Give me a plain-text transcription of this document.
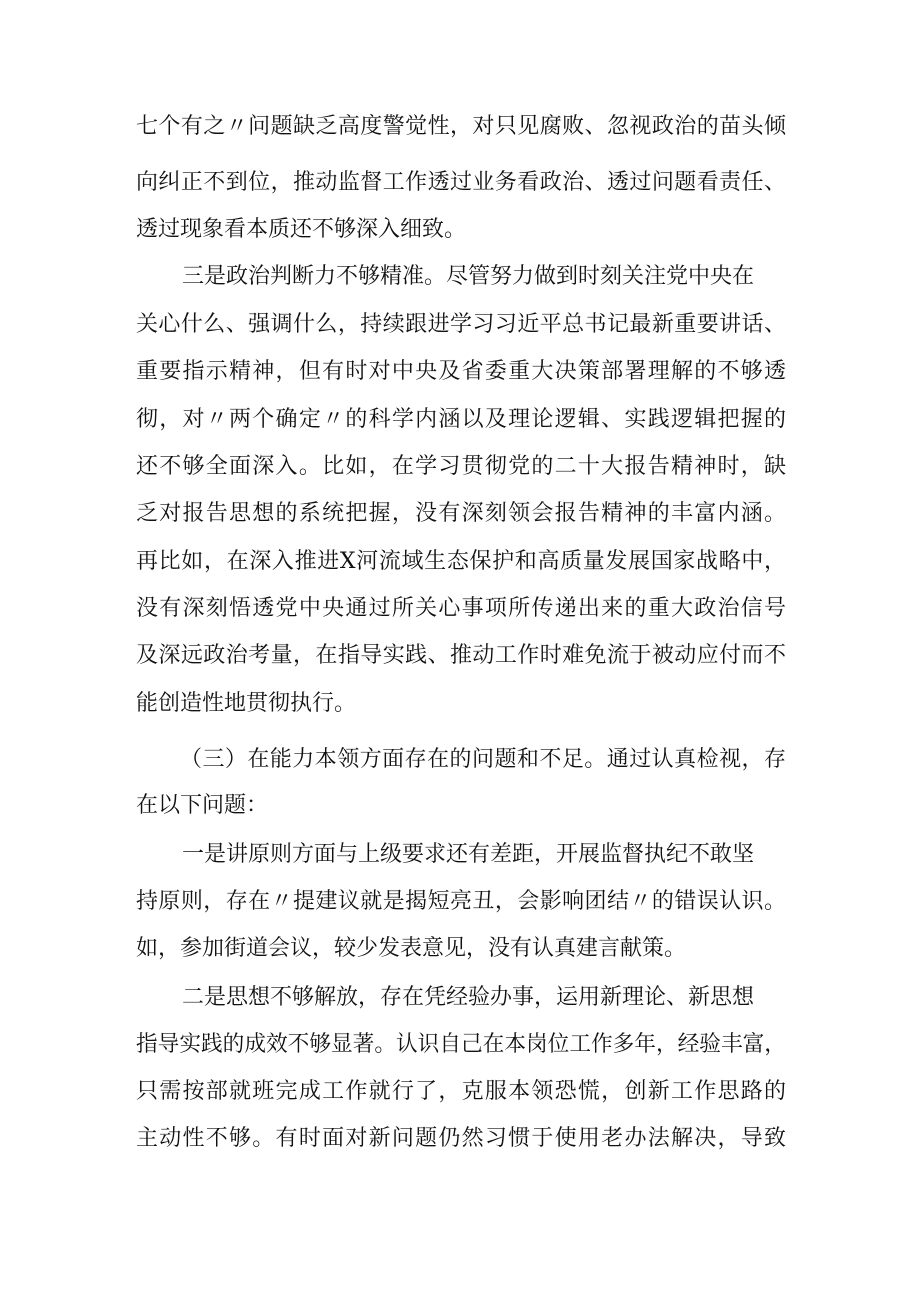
七个有之〃问题缺乏高度警觉性，对只见腐败、忽视政治的苗头倾
向纠正不到位，推动监督工作透过业务看政治、透过问题看责任、
透过现象看本质还不够深入细致。
三是政治判断力不够精准。尽管努力做到时刻关注党中央在
关心什么、强调什么，持续跟进学习习近平总书记最新重要讲话、
重要指示精神，但有时对中央及省委重大决策部署理解的不够透
彻，对〃两个确定〃的科学内涵以及理论逻辑、实践逻辑把握的
还不够全面深入。比如，在学习贯彻党的二十大报告精神时，缺
乏对报告思想的系统把握，没有深刻领会报告精神的丰富内涵。
再比如，在深入推进X河流域生态保护和高质量发展国家战略中，
没有深刻悟透党中央通过所关心事项所传递出来的重大政治信号
及深远政治考量，在指导实践、推动工作时难免流于被动应付而不
能创造性地贯彻执行。
（三）在能力本领方面存在的问题和不足。通过认真检视，存
在以下问题：
一是讲原则方面与上级要求还有差距，开展监督执纪不敢坚
持原则，存在〃提建议就是揭短亮丑，会影响团结〃的错误认识。
如，参加街道会议，较少发表意见，没有认真建言献策。
二是思想不够解放，存在凭经验办事，运用新理论、新思想
指导实践的成效不够显著。认识自己在本岗位工作多年，经验丰富，
只需按部就班完成工作就行了，克服本领恐慌，创新工作思路的
主动性不够。有时面对新问题仍然习惯于使用老办法解决，导致
